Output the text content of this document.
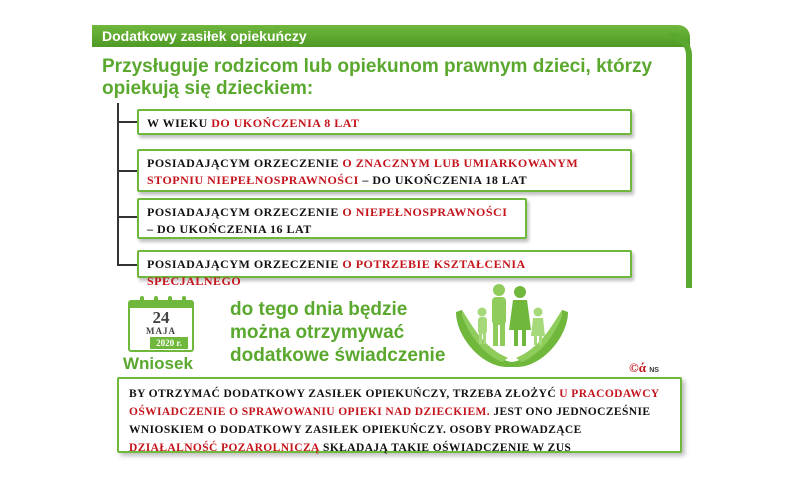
Dodatkowy zasiłek opiekuńczy
Przysługuje rodzicom lub opiekunom prawnym dzieci, którzy opiekują się dzieckiem:
W WIEKU DO UKOŃCZENIA 8 LAT
POSIADAJĄCYM ORZECZENIE O ZNACZNYM LUB UMIARKOWANYM STOPNIU NIEPEŁNOSPRAWNOŚCI – DO UKOŃCZENIA 18 LAT
POSIADAJĄCYM ORZECZENIE O NIEPEŁNOSPRAWNOŚCI – DO UKOŃCZENIA 16 LAT
POSIADAJĄCYM ORZECZENIE O POTRZEBIE KSZTAŁCENIA SPECJALNEGO
24
MAJA
2020 r.
Wniosek
do tego dnia będzie można otrzymywać dodatkowe świadczenie
©ά NS
BY OTRZYMAĆ DODATKOWY ZASIŁEK OPIEKUŃCZY, TRZEBA ZŁOŻYĆ U PRACODAWCY OŚWIADCZENIE O SPRAWOWANIU OPIEKI NAD DZIECKIEM. JEST ONO JEDNOCZEŚNIE WNIOSKIEM O DODATKOWY ZASIŁEK OPIEKUŃCZY. OSOBY PROWADZĄCE DZIAŁALNOŚĆ POZAROLNICZĄ SKŁADAJĄ TAKIE OŚWIADCZENIE W ZUS
